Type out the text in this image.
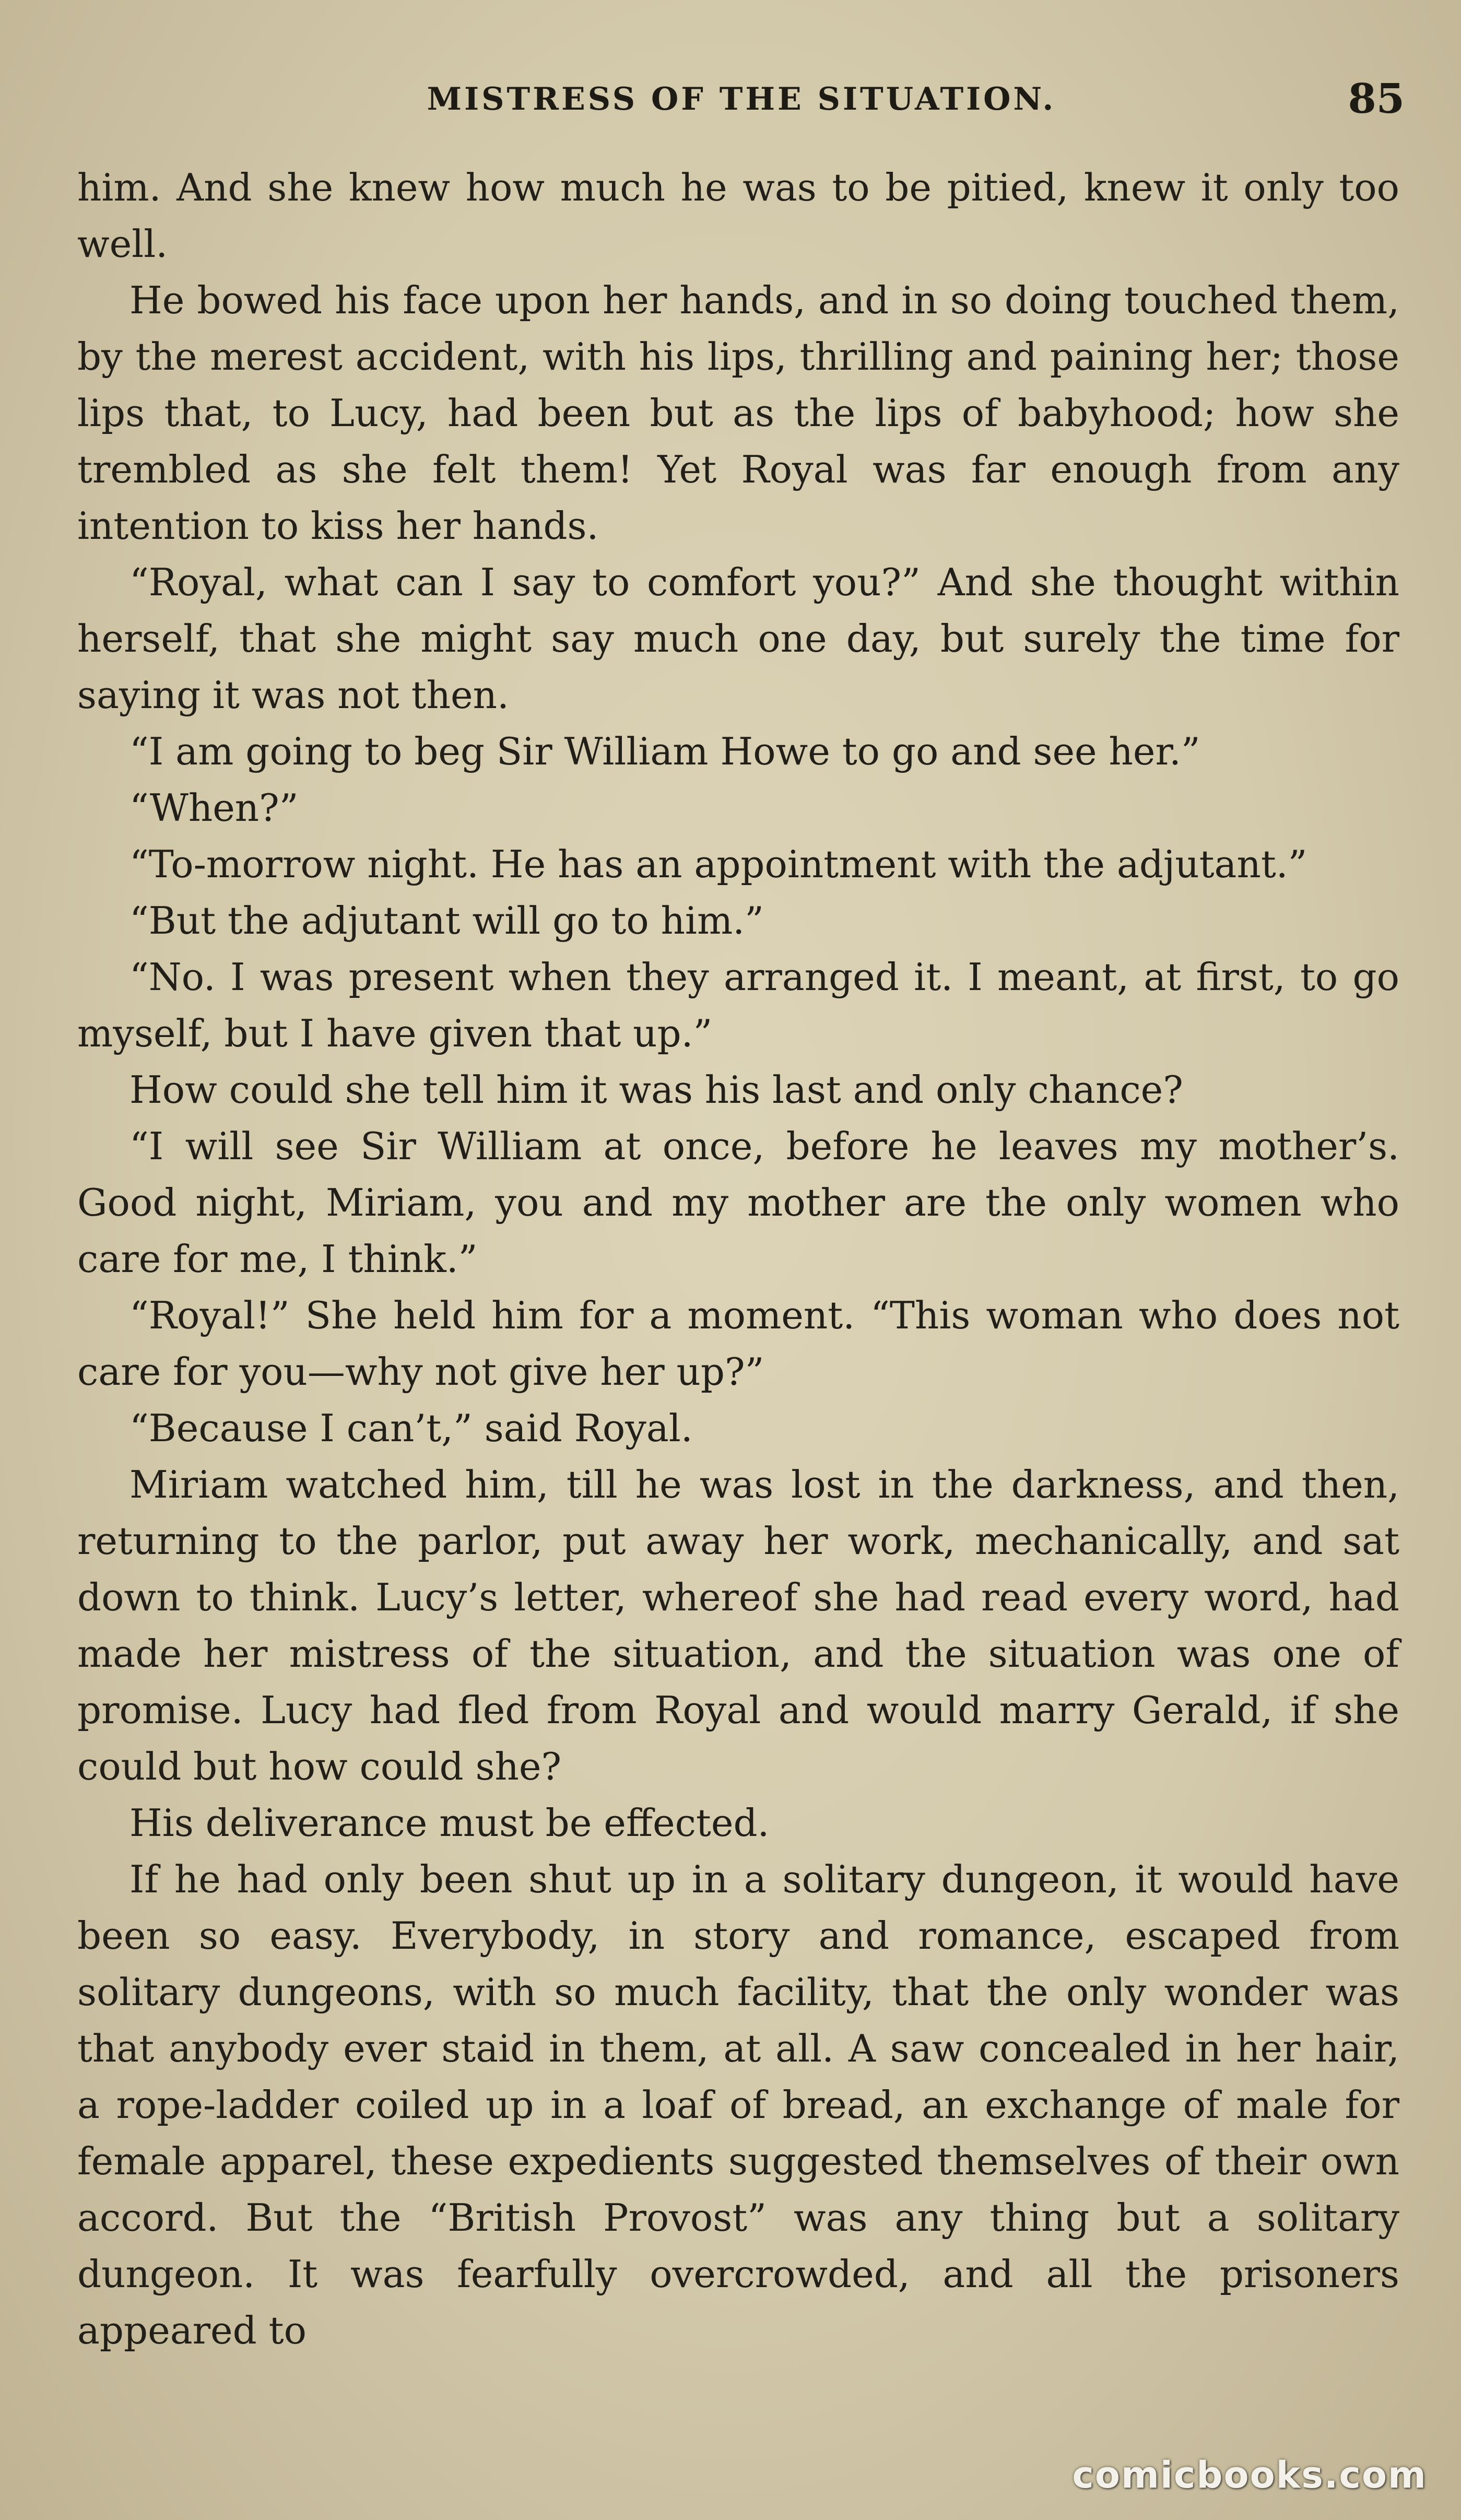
MISTRESS OF THE SITUATION.	85

him. And she knew how much he was to be pitied, knew it only too well.

He bowed his face upon her hands, and in so doing touched them, by the merest accident, with his lips, thrilling and paining her; those lips that, to Lucy, had been but as the lips of babyhood; how she trembled as she felt them! Yet Royal was far enough from any intention to kiss her hands.

“Royal, what can I say to comfort you?” And she thought within herself, that she might say much one day, but surely the time for saying it was not then.

“I am going to beg Sir William Howe to go and see her.”

“When?”

“To-morrow night. He has an appointment with the adjutant.”

“But the adjutant will go to him.”

“No. I was present when they arranged it. I meant, at first, to go myself, but I have given that up.”

How could she tell him it was his last and only chance?

“I will see Sir William at once, before he leaves my mother’s. Good night, Miriam, you and my mother are the only women who care for me, I think.”

“Royal!” She held him for a moment. “This woman who does not care for you—why not give her up?”

“Because I can’t,” said Royal.

Miriam watched him, till he was lost in the darkness, and then, returning to the parlor, put away her work, mechanically, and sat down to think. Lucy’s letter, whereof she had read every word, had made her mistress of the situation, and the situation was one of promise. Lucy had fled from Royal and would marry Gerald, if she could but how could she?

His deliverance must be effected.

If he had only been shut up in a solitary dungeon, it would have been so easy. Everybody, in story and romance, escaped from solitary dungeons, with so much facility, that the only wonder was that anybody ever staid in them, at all. A saw concealed in her hair, a rope-ladder coiled up in a loaf of bread, an exchange of male for female apparel, these expedients suggested themselves of their own accord. But the “British Provost” was any thing but a solitary dungeon. It was fearfully overcrowded, and all the prisoners appeared to

comicbooks.com
